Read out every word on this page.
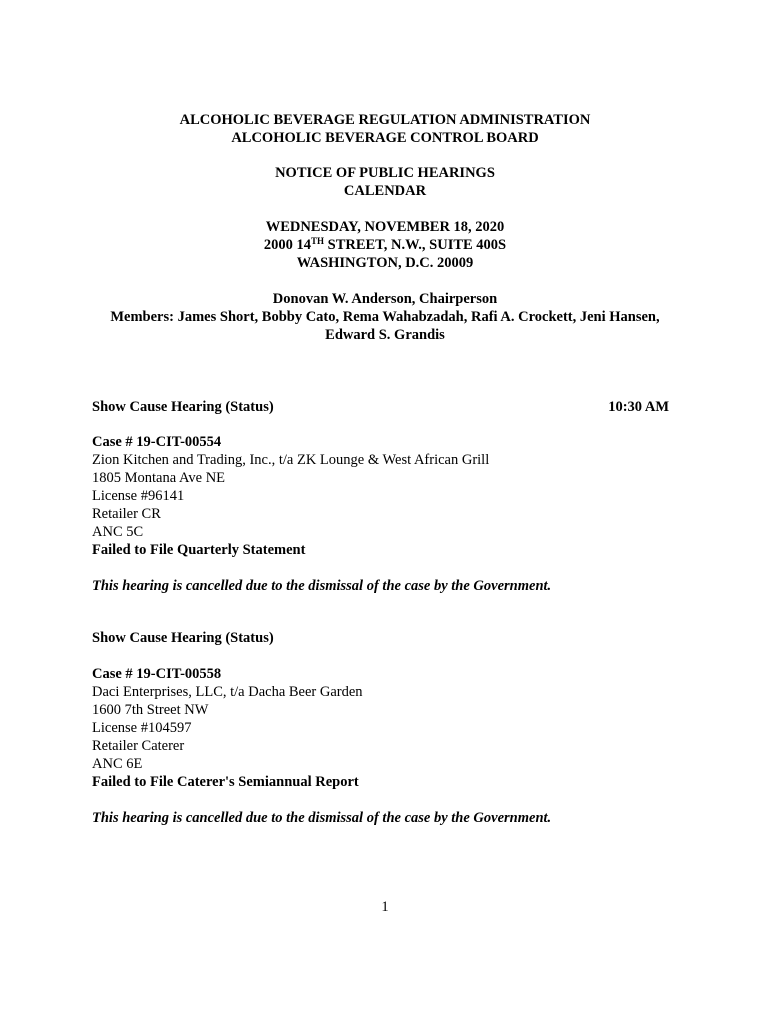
ALCOHOLIC BEVERAGE REGULATION ADMINISTRATION
ALCOHOLIC BEVERAGE CONTROL BOARD
NOTICE OF PUBLIC HEARINGS
CALENDAR
WEDNESDAY, NOVEMBER 18, 2020
2000 14TH STREET, N.W., SUITE 400S
WASHINGTON, D.C. 20009
Donovan W. Anderson, Chairperson
Members: James Short, Bobby Cato, Rema Wahabzadah, Rafi A. Crockett, Jeni Hansen,
Edward S. Grandis
Show Cause Hearing (Status)	10:30 AM
Case # 19-CIT-00554
Zion Kitchen and Trading, Inc., t/a ZK Lounge & West African Grill
1805 Montana Ave NE
License #96141
Retailer CR
ANC 5C
Failed to File Quarterly Statement
This hearing is cancelled due to the dismissal of the case by the Government.
Show Cause Hearing (Status)
Case # 19-CIT-00558
Daci Enterprises, LLC, t/a Dacha Beer Garden
1600 7th Street NW
License #104597
Retailer Caterer
ANC 6E
Failed to File Caterer's Semiannual Report
This hearing is cancelled due to the dismissal of the case by the Government.
1
